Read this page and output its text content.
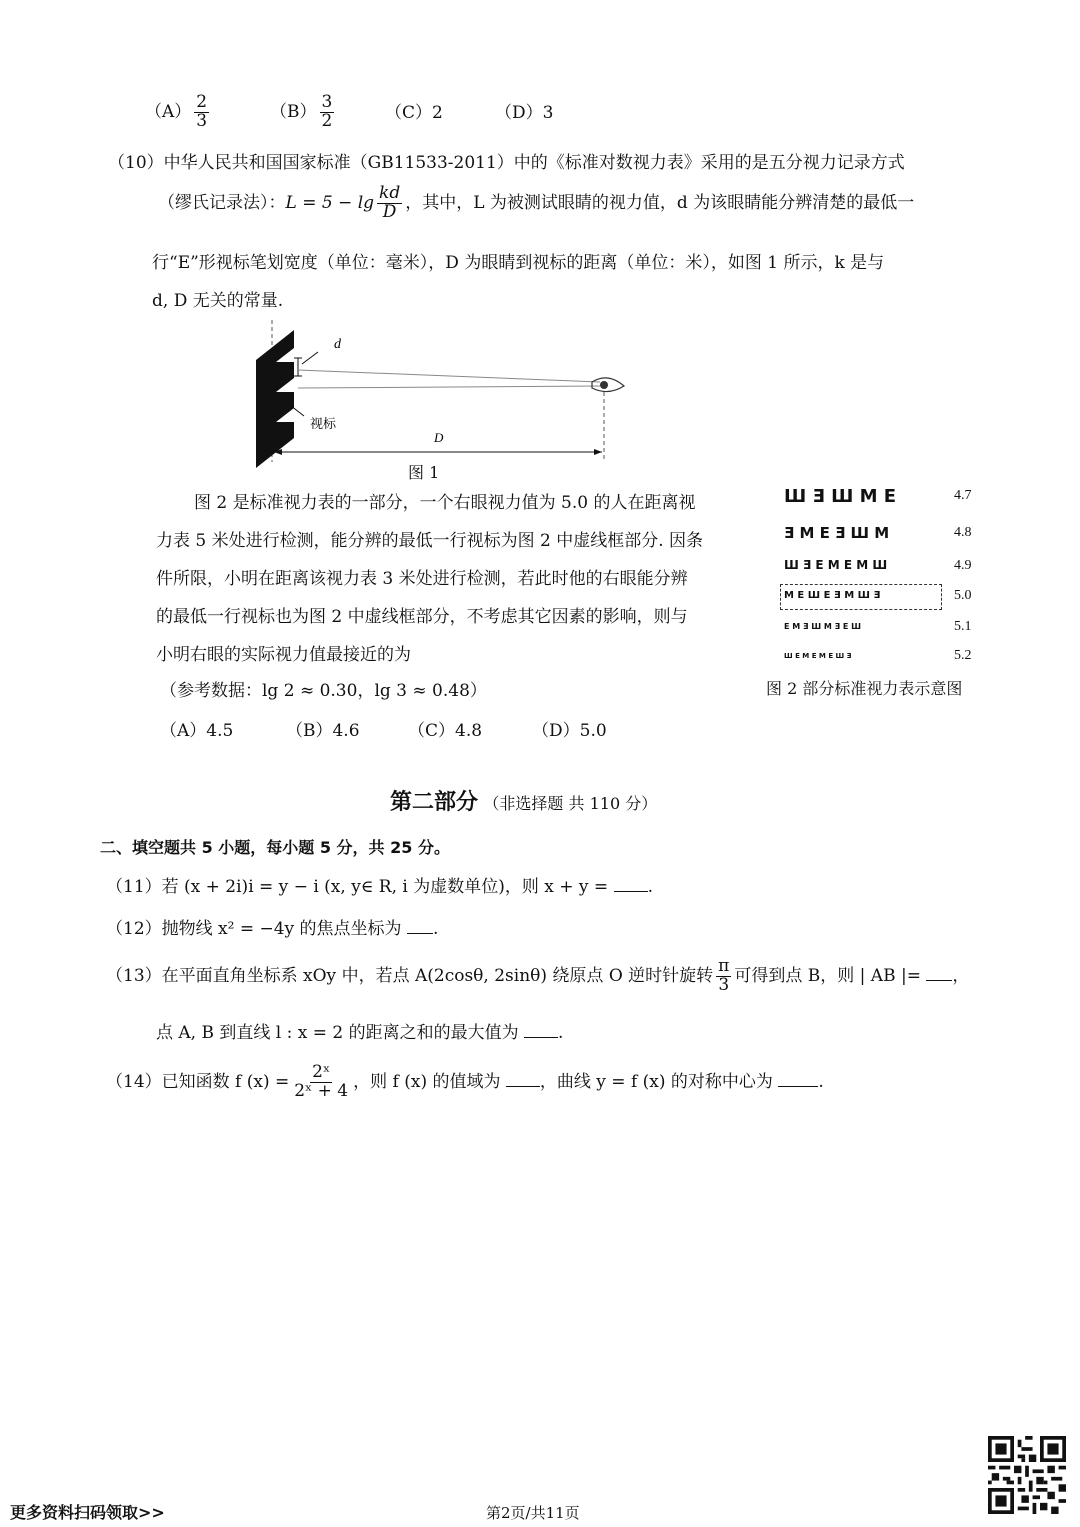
$(A) \frac{2}{3}$	$(B) \frac{3}{2}$	（C）2	（D）3
（10）中华人民共和国国家标准（GB11533-2011）中的《标准对数视力表》采用的是五分视力记录方式
（缪氏记录法）：$L = 5 - \lg \frac{kd}{D}$ ，其中，L 为被测试眼睛的视力值，d 为该眼睛能分辨清楚的最低一
行“E”形视标笔划宽度（单位：毫米），D 为眼睛到视标的距离（单位：米），如图 1 所示，k 是与
d, D 无关的常量.
d
视标
D
图 1
图 2 是标准视力表的一部分，一个右眼视力值为 5.0 的人在距离视
力表 5 米处进行检测，能分辨的最低一行视标为图 2 中虚线框部分. 因条
件所限，小明在距离该视力表 3 米处进行检测，若此时他的右眼能分辨
的最低一行视标也为图 2 中虚线框部分，不考虑其它因素的影响，则与
小明右眼的实际视力值最接近的为
（参考数据：lg 2 ≈ 0.30，lg 3 ≈ 0.48）
（A）4.5	（B）4.6	（C）4.8	（D）5.0
Ш Ǝ Ш M E	4.7
Ǝ M E Ǝ Ш M	4.8
Ш Ǝ E M E M Ш	4.9
M E Ш E Ǝ M Ш Ǝ	5.0
E M Ǝ Ш M Ǝ E Ш	5.1
Ш E M E M E Ш Ǝ	5.2
图 2 部分标准视力表示意图
第二部分 （非选择题 共 110 分）
二、填空题共 5 小题，每小题 5 分，共 25 分。
（11）若 (x + 2i)i = y − i (x, y∈ R, i 为虚数单位)，则 x + y = .
（12）抛物线 x² = −4y 的焦点坐标为 .
（13）在平面直角坐标系 xOy 中，若点 A(2cosθ, 2sinθ) 绕原点 O 逆时针旋转 $\frac{\pi}{3}$ 可得到点 B，则 | AB |= ，
点 A, B 到直线 l : x = 2 的距离之和的最大值为 .
（14）已知函数 f $(x) = \frac{\text{2ˣ}}{\text{2ˣ + 4}}$ ，则 f (x) 的值域为 ，曲线 y = f (x) 的对称中心为	.
更多资料扫码领取>>	第2页/共11页
